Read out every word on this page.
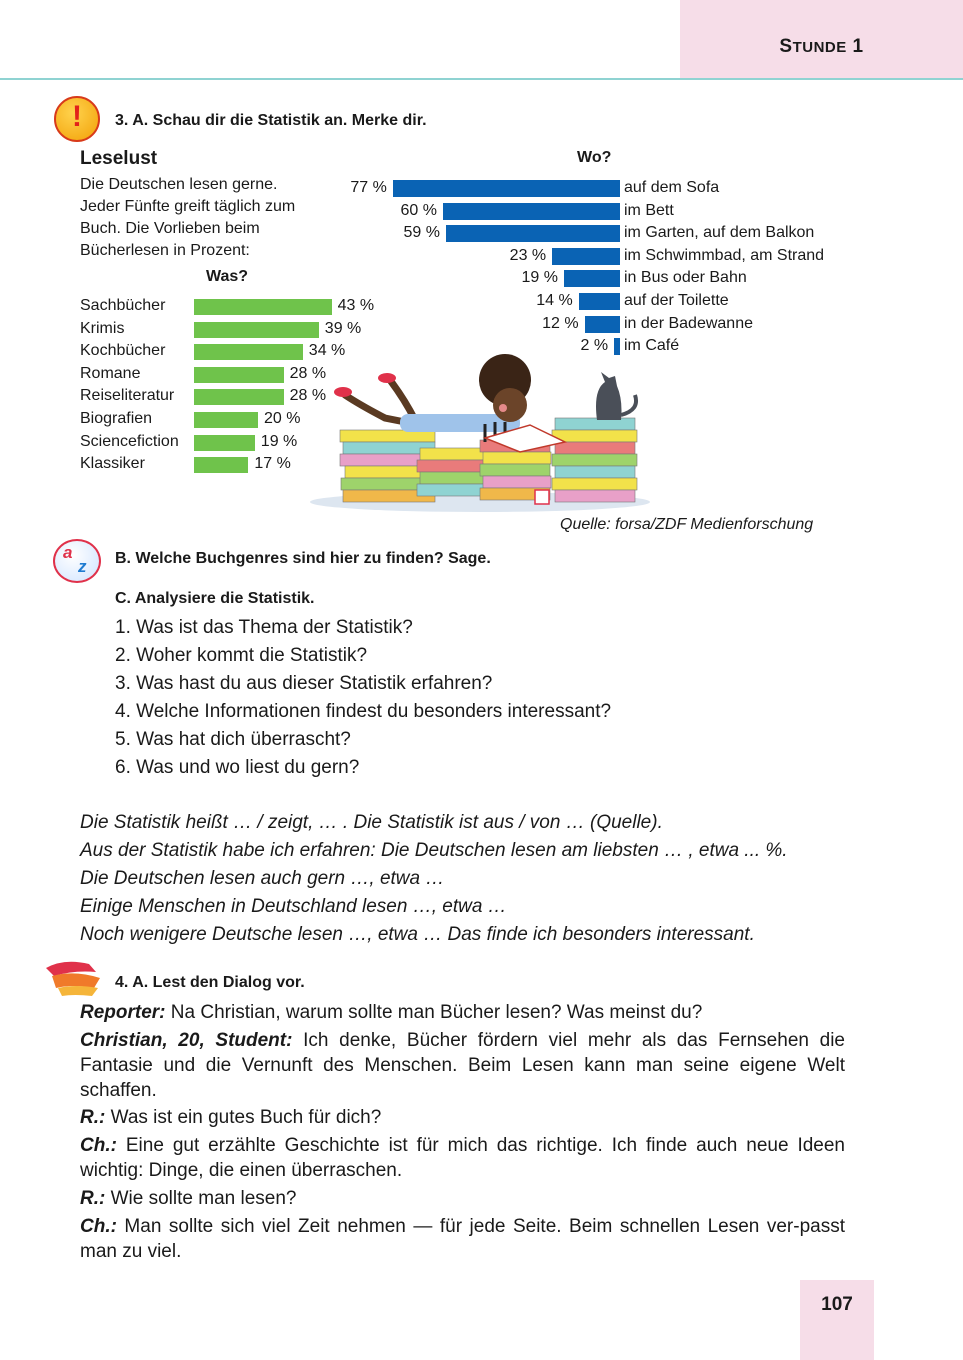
STUNDE 1
!	3. A. Schau dir die Statistik an. Merke dir.
Leselust
Die Deutschen lesen gerne.
Jeder Fünfte greift täglich zum
Buch. Die Vorlieben beim
Bücherlesen in Prozent:
Was?
Wo?
Sachbücher	43 %
Krimis	39 %
Kochbücher	34 %
Romane	28 %
Reiseliteratur	28 %
Biografien	20 %
Sciencefiction	19 %
Klassiker	17 %
77 %	auf dem Sofa
60 %	im Bett
59 %	im Garten, auf dem Balkon
23 %	im Schwimmbad, am Strand
19 %	in Bus oder Bahn
14 %	auf der Toilette
12 %	in der Badewanne
2 % im Café
Quelle: forsa/ZDF Medienforschung
a
z B. Welche Buchgenres sind hier zu finden? Sage.
C. Analysiere die Statistik.
1. Was ist das Thema der Statistik?
2. Woher kommt die Statistik?
3. Was hast du aus dieser Statistik erfahren?
4. Welche Informationen findest du besonders interessant?
5. Was hat dich überrascht?
6. Was und wo liest du gern?
Die Statistik heißt … / zeigt, … . Die Statistik ist aus / von … (Quelle).
Aus der Statistik habe ich erfahren: Die Deutschen lesen am liebsten … , etwa ... %.
Die Deutschen lesen auch gern …, etwa …
Einige Menschen in Deutschland lesen …, etwa …
Noch wenigere Deutsche lesen …, etwa … Das finde ich besonders interessant.
4. A. Lest den Dialog vor.
Reporter: Na Christian, warum sollte man Bücher lesen? Was meinst du?
Christian, 20, Student: Ich denke, Bücher fördern viel mehr als das Fernsehen die Fantasie und die Vernunft des Menschen. Beim Lesen kann man seine eigene Welt schaffen.
R.: Was ist ein gutes Buch für dich?
Ch.: Eine gut erzählte Geschichte ist für mich das richtige. Ich finde auch neue Ideen wichtig: Dinge, die einen überraschen.
R.: Wie sollte man lesen?
Ch.: Man sollte sich viel Zeit nehmen — für jede Seite. Beim schnellen Lesen ver-passt man zu viel.
107
